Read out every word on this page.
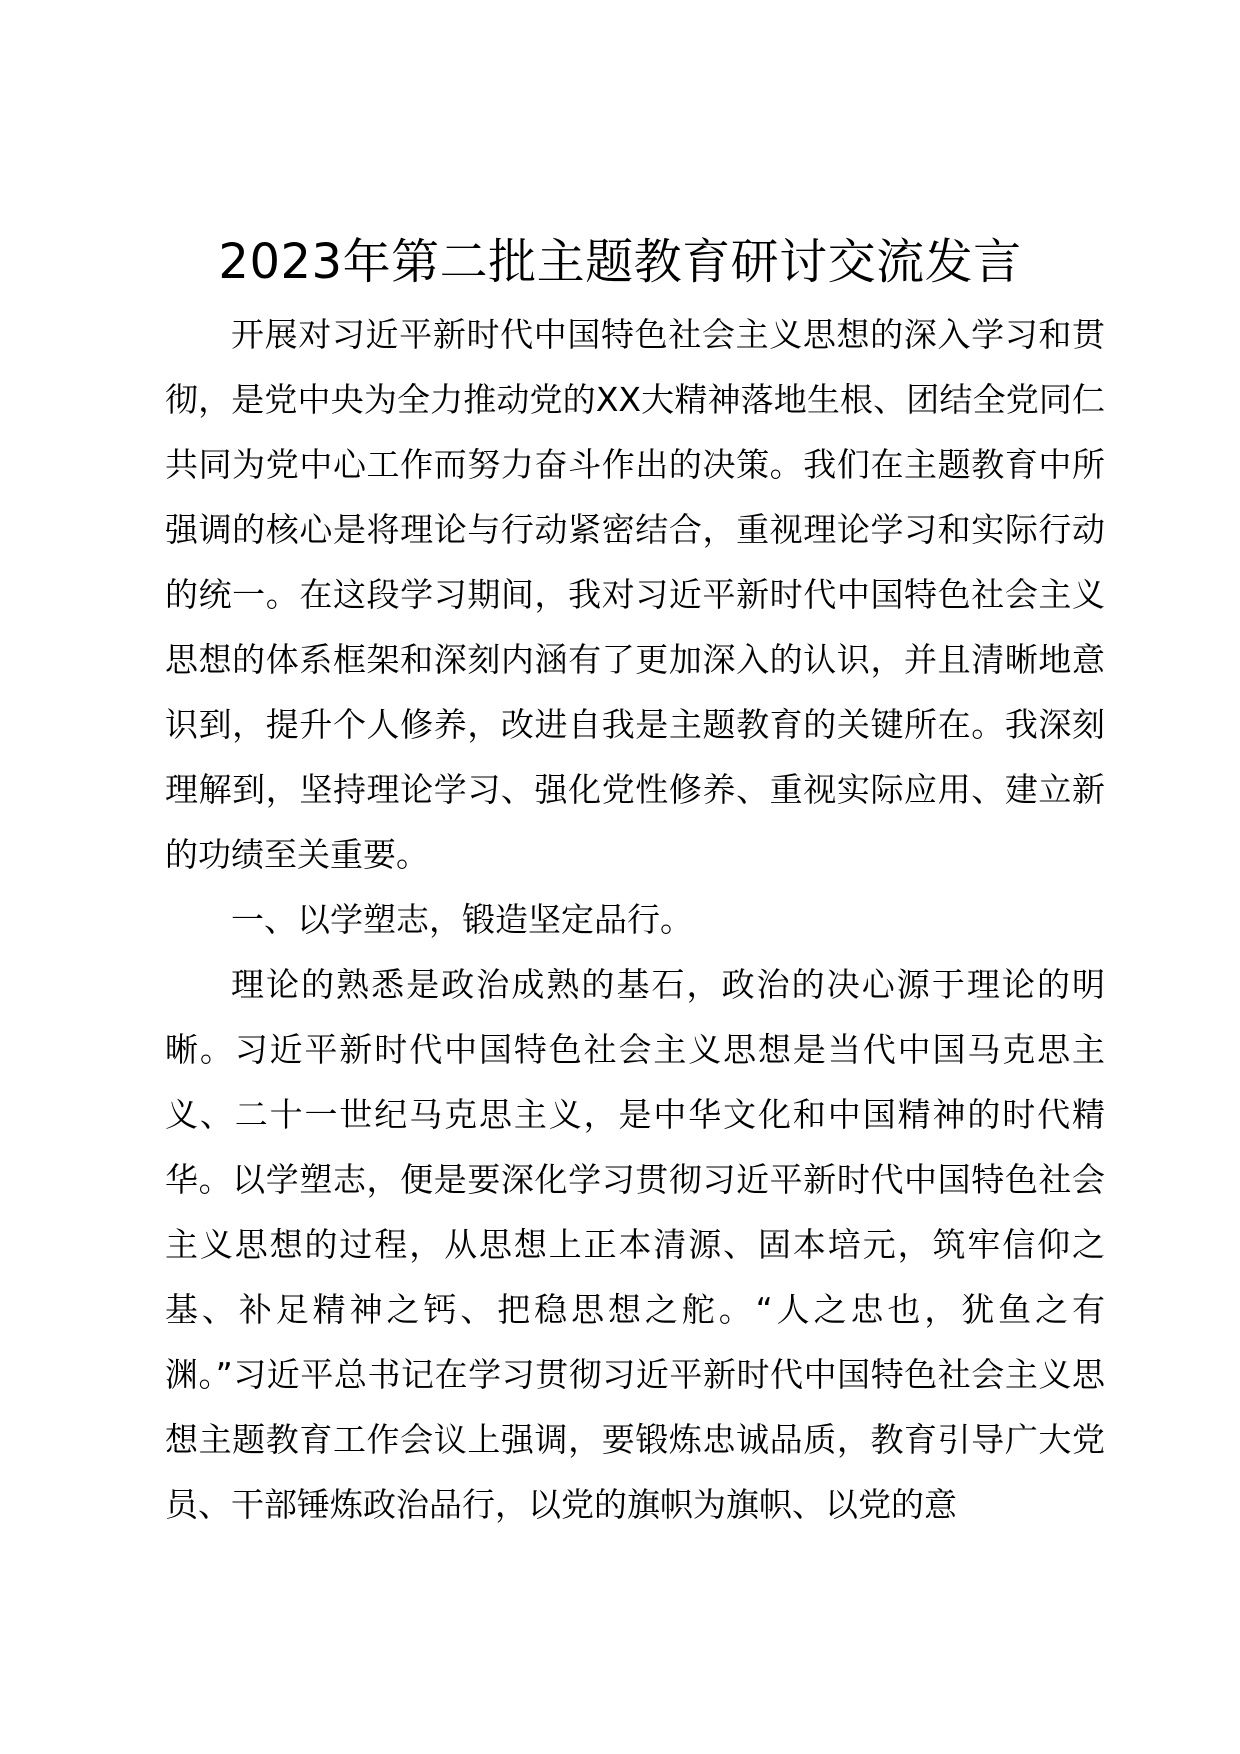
2023年第二批主题教育研讨交流发言

开展对习近平新时代中国特色社会主义思想的深入学习和贯彻，是党中央为全力推动党的XX大精神落地生根、团结全党同仁共同为党中心工作而努力奋斗作出的决策。我们在主题教育中所强调的核心是将理论与行动紧密结合，重视理论学习和实际行动的统一。在这段学习期间，我对习近平新时代中国特色社会主义思想的体系框架和深刻内涵有了更加深入的认识，并且清晰地意识到，提升个人修养，改进自我是主题教育的关键所在。我深刻理解到，坚持理论学习、强化党性修养、重视实际应用、建立新的功绩至关重要。

一、以学塑志，锻造坚定品行。

理论的熟悉是政治成熟的基石，政治的决心源于理论的明晰。习近平新时代中国特色社会主义思想是当代中国马克思主义、二十一世纪马克思主义，是中华文化和中国精神的时代精华。以学塑志，便是要深化学习贯彻习近平新时代中国特色社会主义思想的过程，从思想上正本清源、固本培元，筑牢信仰之基、补足精神之钙、把稳思想之舵。“人之忠也，犹鱼之有渊。”习近平总书记在学习贯彻习近平新时代中国特色社会主义思想主题教育工作会议上强调，要锻炼忠诚品质，教育引导广大党员、干部锤炼政治品行，以党的旗帜为旗帜、以党的意
